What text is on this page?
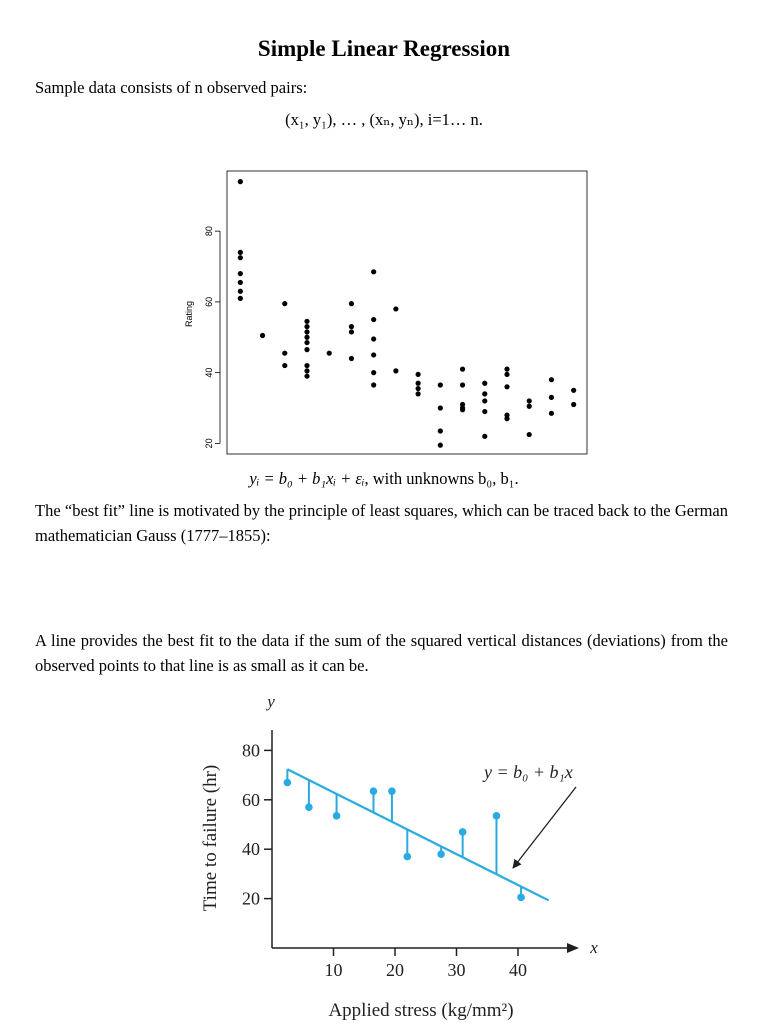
Simple Linear Regression
Sample data consists of n observed pairs:
(x₁, y₁), … , (xₙ, yₙ), i=1… n.
20
40
60
80
Rating
yᵢ = b₀ + b₁xᵢ + εᵢ, with unknowns b₀, b₁.
The “best fit” line is motivated by the principle of least squares, which can be traced back to the German mathematician Gauss (1777–1855):
A line provides the best fit to the data if the sum of the squared vertical distances (deviations) from the observed points to that line is as small as it can be.
y
x
20
40
60
80
10 20 30 40
y = b₀ + b₁x
Time to failure (hr)
Applied stress (kg/mm²)
